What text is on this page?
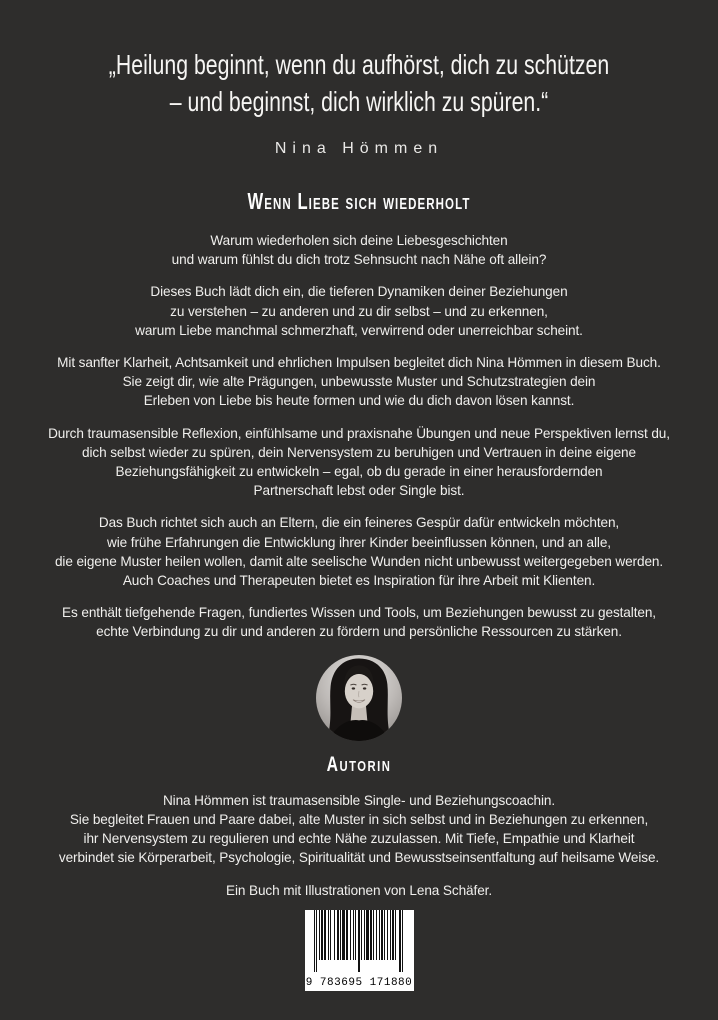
„Heilung beginnt, wenn du aufhörst, dich zu schützen
– und beginnst, dich wirklich zu spüren.“
Nina Hömmen
Wenn Liebe sich wiederholt

Warum wiederholen sich deine Liebesgeschichten
und warum fühlst du dich trotz Sehnsucht nach Nähe oft allein?

Dieses Buch lädt dich ein, die tieferen Dynamiken deiner Beziehungen
zu verstehen – zu anderen und zu dir selbst – und zu erkennen,
warum Liebe manchmal schmerzhaft, verwirrend oder unerreichbar scheint.

Mit sanfter Klarheit, Achtsamkeit und ehrlichen Impulsen begleitet dich Nina Hömmen in diesem Buch.
Sie zeigt dir, wie alte Prägungen, unbewusste Muster und Schutzstrategien dein
Erleben von Liebe bis heute formen und wie du dich davon lösen kannst.

Durch traumasensible Reflexion, einfühlsame und praxisnahe Übungen und neue Perspektiven lernst du,
dich selbst wieder zu spüren, dein Nervensystem zu beruhigen und Vertrauen in deine eigene
Beziehungsfähigkeit zu entwickeln – egal, ob du gerade in einer herausfordernden
Partnerschaft lebst oder Single bist.

Das Buch richtet sich auch an Eltern, die ein feineres Gespür dafür entwickeln möchten,
wie frühe Erfahrungen die Entwicklung ihrer Kinder beeinflussen können, und an alle,
die eigene Muster heilen wollen, damit alte seelische Wunden nicht unbewusst weitergegeben werden.
Auch Coaches und Therapeuten bietet es Inspiration für ihre Arbeit mit Klienten.

Es enthält tiefgehende Fragen, fundiertes Wissen und Tools, um Beziehungen bewusst zu gestalten,
echte Verbindung zu dir und anderen zu fördern und persönliche Ressourcen zu stärken.

Autorin

Nina Hömmen ist traumasensible Single- und Beziehungscoachin.
Sie begleitet Frauen und Paare dabei, alte Muster in sich selbst und in Beziehungen zu erkennen,
ihr Nervensystem zu regulieren und echte Nähe zuzulassen. Mit Tiefe, Empathie und Klarheit
verbindet sie Körperarbeit, Psychologie, Spiritualität und Bewusstseinsentfaltung auf heilsame Weise.

Ein Buch mit Illustrationen von Lena Schäfer.

9 783695 171880
